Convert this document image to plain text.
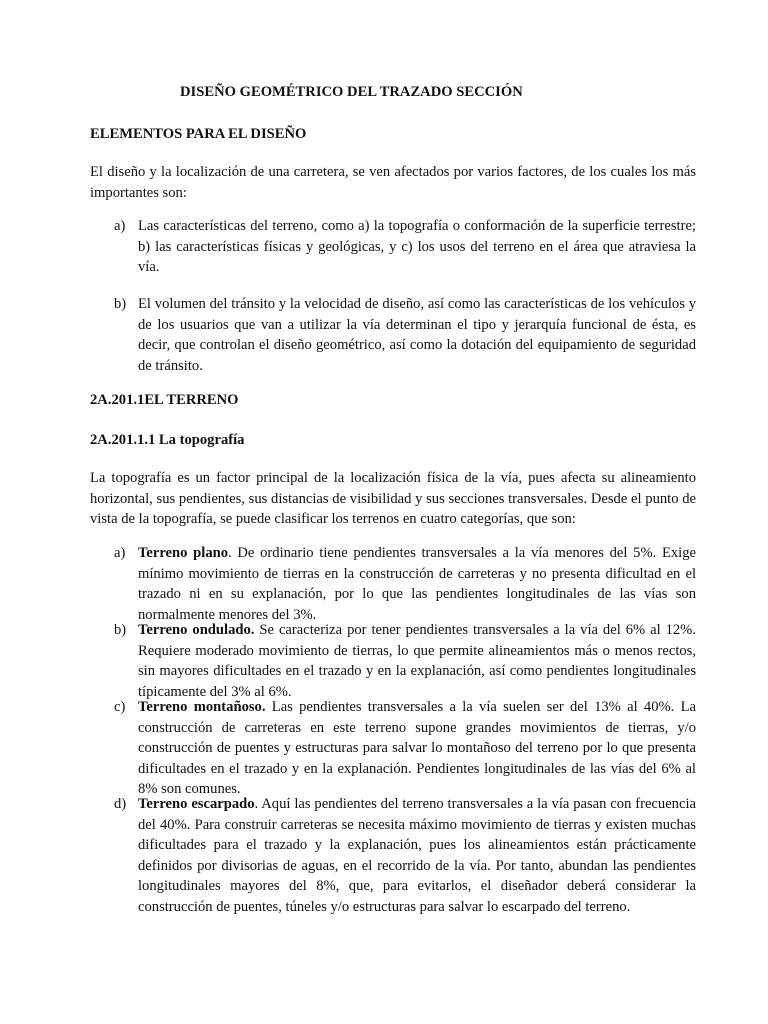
DISEÑO GEOMÉTRICO DEL TRAZADO SECCIÓN
ELEMENTOS PARA EL DISEÑO
El diseño y la localización de una carretera, se ven afectados por varios factores, de los cuales los más importantes son:
a) Las características del terreno, como a) la topografía o conformación de la superficie terrestre; b) las características físicas y geológicas, y c) los usos del terreno en el área que atraviesa la vía.
b) El volumen del tránsito y la velocidad de diseño, así como las características de los vehículos y de los usuarios que van a utilizar la vía determinan el tipo y jerarquía funcional de ésta, es decir, que controlan el diseño geométrico, así como la dotación del equipamiento de seguridad de tránsito.
2A.201.1EL TERRENO
2A.201.1.1 La topografía
La topografía es un factor principal de la localización física de la vía, pues afecta su alineamiento horizontal, sus pendientes, sus distancias de visibilidad y sus secciones transversales. Desde el punto de vista de la topografía, se puede clasificar los terrenos en cuatro categorías, que son:
a) Terreno plano. De ordinario tiene pendientes transversales a la vía menores del 5%. Exige mínimo movimiento de tierras en la construcción de carreteras y no presenta dificultad en el trazado ni en su explanación, por lo que las pendientes longitudinales de las vías son normalmente menores del 3%.
b) Terreno ondulado. Se caracteriza por tener pendientes transversales a la vía del 6% al 12%. Requiere moderado movimiento de tierras, lo que permite alineamientos más o menos rectos, sin mayores dificultades en el trazado y en la explanación, así como pendientes longitudinales típicamente del 3% al 6%.
c) Terreno montañoso. Las pendientes transversales a la vía suelen ser del 13% al 40%. La construcción de carreteras en este terreno supone grandes movimientos de tierras, y/o construcción de puentes y estructuras para salvar lo montañoso del terreno por lo que presenta dificultades en el trazado y en la explanación. Pendientes longitudinales de las vías del 6% al 8% son comunes.
d) Terreno escarpado. Aquí las pendientes del terreno transversales a la vía pasan con frecuencia del 40%. Para construir carreteras se necesita máximo movimiento de tierras y existen muchas dificultades para el trazado y la explanación, pues los alineamientos están prácticamente definidos por divisorias de aguas, en el recorrido de la vía. Por tanto, abundan las pendientes longitudinales mayores del 8%, que, para evitarlos, el diseñador deberá considerar la construcción de puentes, túneles y/o estructuras para salvar lo escarpado del terreno.
